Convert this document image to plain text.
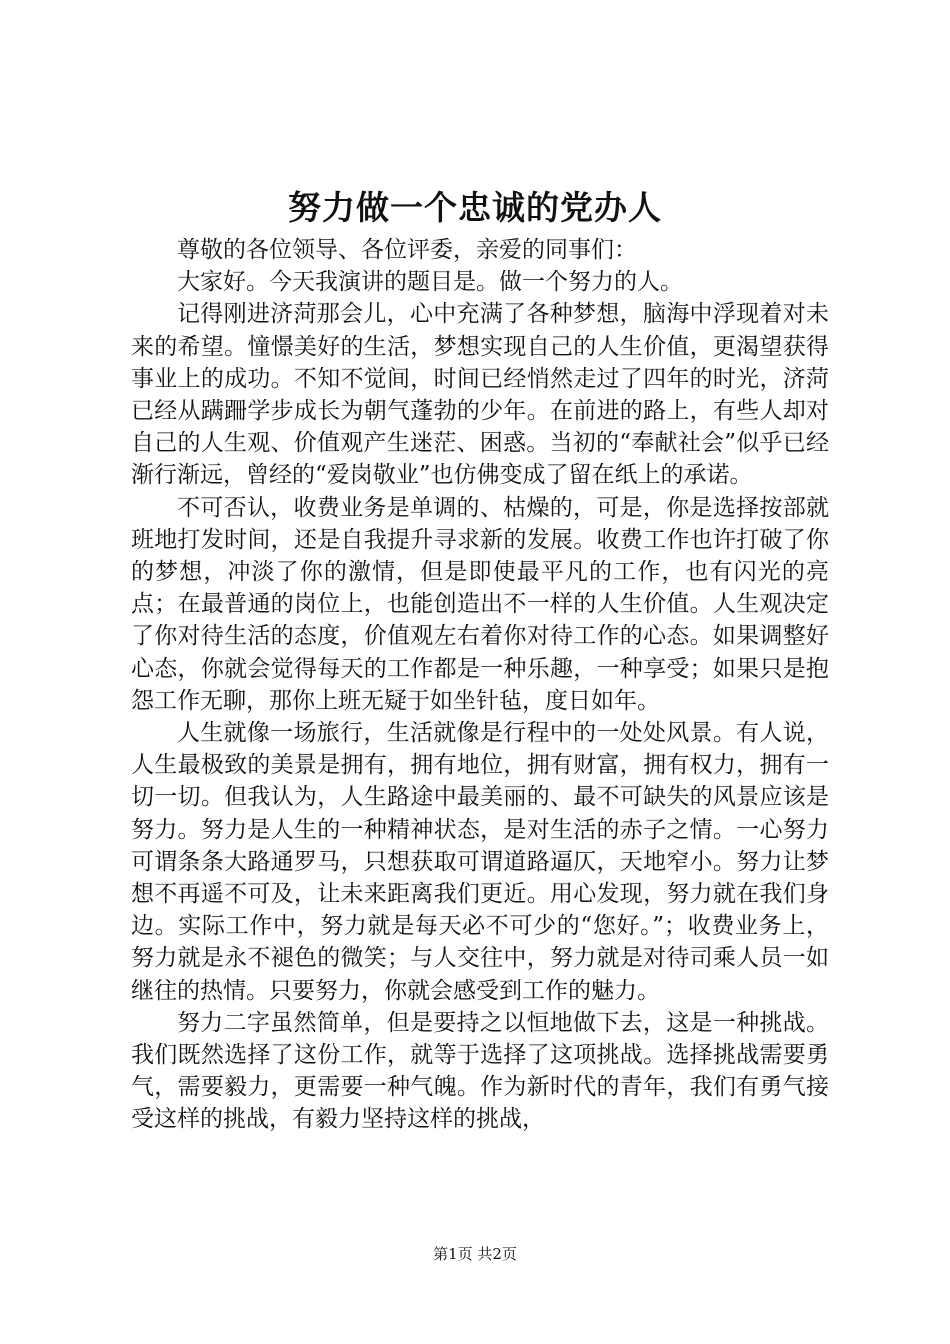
努力做一个忠诚的党办人

尊敬的各位领导、各位评委，亲爱的同事们：

大家好。今天我演讲的题目是。做一个努力的人。

记得刚进济菏那会儿，心中充满了各种梦想，脑海中浮现着对未来的希望。憧憬美好的生活，梦想实现自己的人生价值，更渴望获得事业上的成功。不知不觉间，时间已经悄然走过了四年的时光，济菏已经从蹒跚学步成长为朝气蓬勃的少年。在前进的路上，有些人却对自己的人生观、价值观产生迷茫、困惑。当初的“奉献社会”似乎已经渐行渐远，曾经的“爱岗敬业”也仿佛变成了留在纸上的承诺。

不可否认，收费业务是单调的、枯燥的，可是，你是选择按部就班地打发时间，还是自我提升寻求新的发展。收费工作也许打破了你的梦想，冲淡了你的激情，但是即使最平凡的工作，也有闪光的亮点；在最普通的岗位上，也能创造出不一样的人生价值。人生观决定了你对待生活的态度，价值观左右着你对待工作的心态。如果调整好心态，你就会觉得每天的工作都是一种乐趣，一种享受；如果只是抱怨工作无聊，那你上班无疑于如坐针毡，度日如年。

人生就像一场旅行，生活就像是行程中的一处处风景。有人说，人生最极致的美景是拥有，拥有地位，拥有财富，拥有权力，拥有一切一切。但我认为，人生路途中最美丽的、最不可缺失的风景应该是努力。努力是人生的一种精神状态，是对生活的赤子之情。一心努力可谓条条大路通罗马，只想获取可谓道路逼仄，天地窄小。努力让梦想不再遥不可及，让未来距离我们更近。用心发现，努力就在我们身边。实际工作中，努力就是每天必不可少的“您好。”；收费业务上，努力就是永不褪色的微笑；与人交往中，努力就是对待司乘人员一如继往的热情。只要努力，你就会感受到工作的魅力。

努力二字虽然简单，但是要持之以恒地做下去，这是一种挑战。我们既然选择了这份工作，就等于选择了这项挑战。选择挑战需要勇气，需要毅力，更需要一种气魄。作为新时代的青年，我们有勇气接受这样的挑战，有毅力坚持这样的挑战，

第1页 共2页
